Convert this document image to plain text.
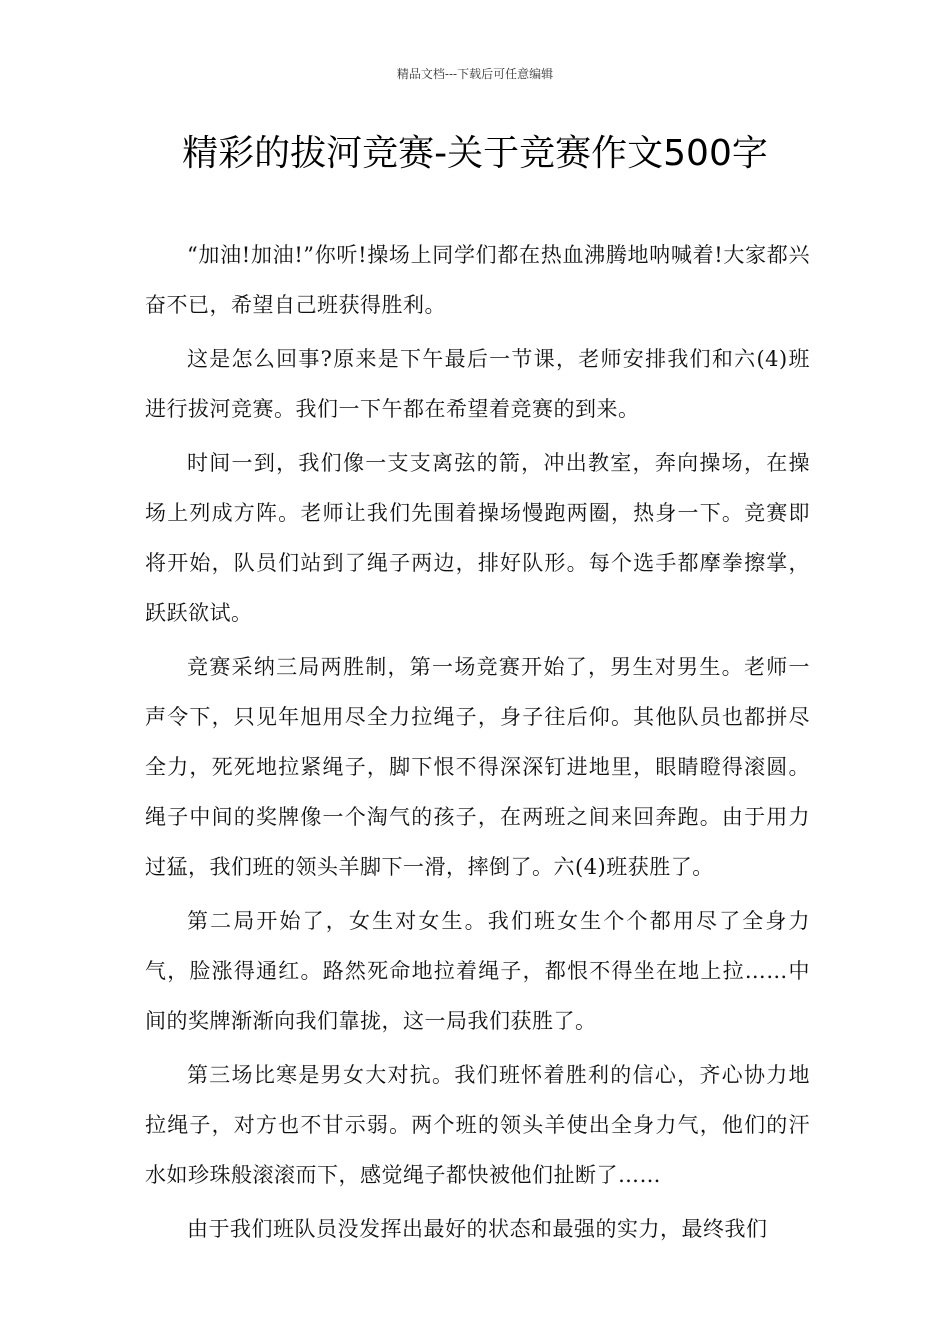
精品文档---下载后可任意编辑
精彩的拔河竞赛-关于竞赛作文500字

“加油!加油!”你听!操场上同学们都在热血沸腾地呐喊着!大家都兴奋不已，希望自己班获得胜利。

这是怎么回事?原来是下午最后一节课，老师安排我们和六(4)班进行拔河竞赛。我们一下午都在希望着竞赛的到来。

时间一到，我们像一支支离弦的箭，冲出教室，奔向操场，在操场上列成方阵。老师让我们先围着操场慢跑两圈，热身一下。竞赛即将开始，队员们站到了绳子两边，排好队形。每个选手都摩拳擦掌，跃跃欲试。

竞赛采纳三局两胜制，第一场竞赛开始了，男生对男生。老师一声令下，只见年旭用尽全力拉绳子，身子往后仰。其他队员也都拼尽全力，死死地拉紧绳子，脚下恨不得深深钉进地里，眼睛瞪得滚圆。绳子中间的奖牌像一个淘气的孩子，在两班之间来回奔跑。由于用力过猛，我们班的领头羊脚下一滑，摔倒了。六(4)班获胜了。

第二局开始了，女生对女生。我们班女生个个都用尽了全身力气，脸涨得通红。路然死命地拉着绳子，都恨不得坐在地上拉……中间的奖牌渐渐向我们靠拢，这一局我们获胜了。

第三场比寒是男女大对抗。我们班怀着胜利的信心，齐心协力地拉绳子，对方也不甘示弱。两个班的领头羊使出全身力气，他们的汗水如珍珠般滚滚而下，感觉绳子都快被他们扯断了……

由于我们班队员没发挥出最好的状态和最强的实力，最终我们
